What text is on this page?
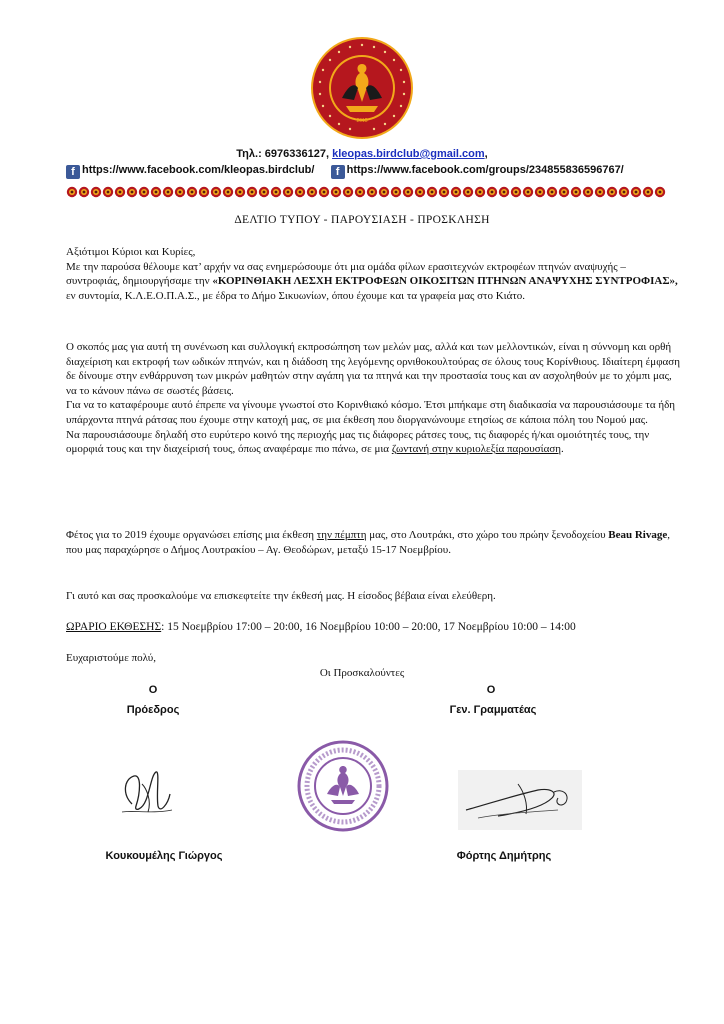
2015
Τηλ.: 6976336127, kleopas.birdclub@gmail.com,
f https://www.facebook.com/kleopas.birdclub/ f https://www.facebook.com/groups/234855836596767/
ΔΕΛΤΙΟ ΤΥΠΟΥ - ΠΑΡΟΥΣΙΑΣΗ - ΠΡΟΣΚΛΗΣΗ

Αξιότιμοι Κύριοι και Κυρίες,

Με την παρούσα θέλουμε κατ’ αρχήν να σας ενημερώσουμε ότι μια ομάδα φίλων ερασιτεχνών εκτροφέων πτηνών αναψυχής – συντροφιάς, δημιουργήσαμε την «ΚΟΡΙΝΘΙΑΚΗ ΛΕΣΧΗ ΕΚΤΡΟΦΕΩΝ ΟΙΚΟΣΙΤΩΝ ΠΤΗΝΩΝ ΑΝΑΨΥΧΗΣ ΣΥΝΤΡΟΦΙΑΣ», εν συντομία, Κ.Λ.Ε.Ο.Π.Α.Σ., με έδρα το Δήμο Σικυωνίων, όπου έχουμε και τα γραφεία μας στο Κιάτο.

Ο σκοπός μας για αυτή τη συνένωση και συλλογική εκπροσώπηση των μελών μας, αλλά και των μελλοντικών, είναι η σύννομη και ορθή διαχείριση και εκτροφή των ωδικών πτηνών, και η διάδοση της λεγόμενης ορνιθοκουλτούρας σε όλους τους Κορίνθιους. Ιδιαίτερη έμφαση δε δίνουμε στην ενθάρρυνση των μικρών μαθητών στην αγάπη για τα πτηνά και την προστασία τους και αν ασχοληθούν με το χόμπι μας, να το κάνουν πάνω σε σωστές βάσεις.

Για να το καταφέρουμε αυτό έπρεπε να γίνουμε γνωστοί στο Κορινθιακό κόσμο. Έτσι μπήκαμε στη διαδικασία να παρουσιάσουμε τα ήδη υπάρχοντα πτηνά ράτσας που έχουμε στην κατοχή μας, σε μια έκθεση που διοργανώνουμε ετησίως σε κάποια πόλη του Νομού μας.

Να παρουσιάσουμε δηλαδή στο ευρύτερο κοινό της περιοχής μας τις διάφορες ράτσες τους, τις διαφορές ή/και ομοιότητές τους, την ομορφιά τους και την διαχείρισή τους, όπως αναφέραμε πιο πάνω, σε μια ζωντανή στην κυριολεξία παρουσίαση.

Φέτος για το 2019 έχουμε οργανώσει επίσης μια έκθεση την πέμπτη μας, στο Λουτράκι, στο χώρο του πρώην ξενοδοχείου Beau Rivage, που μας παραχώρησε ο Δήμος Λουτρακίου – Αγ. Θεοδώρων, μεταξύ 15-17 Νοεμβρίου.

Γι αυτό και σας προσκαλούμε να επισκεφτείτε την έκθεσή μας. Η είσοδος βέβαια είναι ελεύθερη.

ΩΡΑΡΙΟ ΕΚΘΕΣΗΣ: 15 Νοεμβρίου 17:00 – 20:00, 16 Νοεμβρίου 10:00 – 20:00, 17 Νοεμβρίου 10:00 – 14:00

Ευχαριστούμε πολύ,

Οι Προσκαλούντες
Ο	Ο
Πρόεδρος	Γεν. Γραμματέας
Κουκουμέλης Γιώργος	Φόρτης Δημήτρης
